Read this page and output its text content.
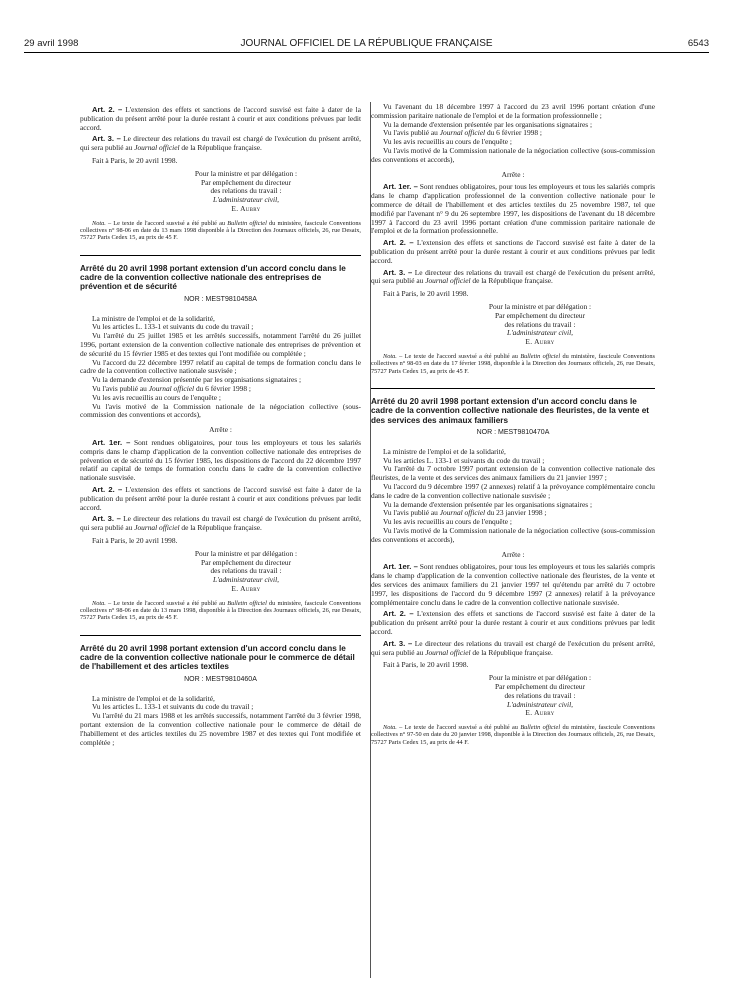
29 avril 1998	JOURNAL OFFICIEL DE LA RÉPUBLIQUE FRANÇAISE	6543

Art. 2. – L'extension des effets et sanctions de l'accord susvisé est faite à dater de la publication du présent arrêté pour la durée restant à courir et aux conditions prévues par ledit accord.

Art. 3. – Le directeur des relations du travail est chargé de l'exécution du présent arrêté, qui sera publié au Journal officiel de la République française.

Fait à Paris, le 20 avril 1998.

Pour la ministre et par délégation :

Par empêchement du directeur

des relations du travail :

L'administrateur civil,

E. Aubry

Nota. – Le texte de l'accord susvisé a été publié au Bulletin officiel du ministère, fascicule Conventions collectives n° 98-06 en date du 13 mars 1998 disponible à la Direction des Journaux officiels, 26, rue Desaix, 75727 Paris Cedex 15, au prix de 45 F.

Arrêté du 20 avril 1998 portant extension d'un accord conclu dans le cadre de la convention collective nationale des entreprises de prévention et de sécurité

NOR : MESТ9810458A

La ministre de l'emploi et de la solidarité,

Vu les articles L. 133-1 et suivants du code du travail ;

Vu l'arrêté du 25 juillet 1985 et les arrêtés successifs, notamment l'arrêté du 26 juillet 1996, portant extension de la convention collective nationale des entreprises de prévention et de sécurité du 15 février 1985 et des textes qui l'ont modifiée ou complétée ;

Vu l'accord du 22 décembre 1997 relatif au capital de temps de formation conclu dans le cadre de la convention collective nationale susvisée ;

Vu la demande d'extension présentée par les organisations signataires ;

Vu l'avis publié au Journal officiel du 6 février 1998 ;

Vu les avis recueillis au cours de l'enquête ;

Vu l'avis motivé de la Commission nationale de la négociation collective (sous-commission des conventions et accords),

Arrête :

Art. 1er. – Sont rendues obligatoires, pour tous les employeurs et tous les salariés compris dans le champ d'application de la convention collective nationale des entreprises de prévention et de sécurité du 15 février 1985, les dispositions de l'accord du 22 décembre 1997 relatif au capital de temps de formation conclu dans le cadre de la convention collective nationale susvisée.

Art. 2. – L'extension des effets et sanctions de l'accord susvisé est faite à dater de la publication du présent arrêté pour la durée restant à courir et aux conditions prévues par ledit accord.

Art. 3. – Le directeur des relations du travail est chargé de l'exécution du présent arrêté, qui sera publié au Journal officiel de la République française.

Fait à Paris, le 20 avril 1998.

Pour la ministre et par délégation :

Par empêchement du directeur

des relations du travail :

L'administrateur civil,

E. Aubry

Nota. – Le texte de l'accord susvisé a été publié au Bulletin officiel du ministère, fascicule Conventions collectives n° 98-06 en date du 13 mars 1998, disponible à la Direction des Journaux officiels, 26, rue Desaix, 75727 Paris Cedex 15, au prix de 45 F.

Arrêté du 20 avril 1998 portant extension d'un accord conclu dans le cadre de la convention collective nationale pour le commerce de détail de l'habillement et des articles textiles

NOR : MESТ9810460A

La ministre de l'emploi et de la solidarité,

Vu les articles L. 133-1 et suivants du code du travail ;

Vu l'arrêté du 21 mars 1988 et les arrêtés successifs, notamment l'arrêté du 3 février 1998, portant extension de la convention collective nationale pour le commerce de détail de l'habillement et des articles textiles du 25 novembre 1987 et des textes qui l'ont modifiée et complétée ;

Vu l'avenant du 18 décembre 1997 à l'accord du 23 avril 1996 portant création d'une commission paritaire nationale de l'emploi et de la formation professionnelle ;

Vu la demande d'extension présentée par les organisations signataires ;

Vu l'avis publié au Journal officiel du 6 février 1998 ;

Vu les avis recueillis au cours de l'enquête ;

Vu l'avis motivé de la Commission nationale de la négociation collective (sous-commission des conventions et accords),

Arrête :

Art. 1er. – Sont rendues obligatoires, pour tous les employeurs et tous les salariés compris dans le champ d'application professionnel de la convention collective nationale pour le commerce de détail de l'habillement et des articles textiles du 25 novembre 1987, tel que modifié par l'avenant n° 9 du 26 septembre 1997, les dispositions de l'avenant du 18 décembre 1997 à l'accord du 23 avril 1996 portant création d'une commission paritaire nationale de l'emploi et de la formation professionnelle.

Art. 2. – L'extension des effets et sanctions de l'accord susvisé est faite à dater de la publication du présent arrêté pour la durée restant à courir et aux conditions prévues par ledit accord.

Art. 3. – Le directeur des relations du travail est chargé de l'exécution du présent arrêté, qui sera publié au Journal officiel de la République française.

Fait à Paris, le 20 avril 1998.

Pour la ministre et par délégation :

Par empêchement du directeur

des relations du travail :

L'administrateur civil,

E. Aubry

Nota. – Le texte de l'accord susvisé a été publié au Bulletin officiel du ministère, fascicule Conventions collectives n° 98-03 en date du 17 février 1998, disponible à la Direction des Journaux officiels, 26, rue Desaix, 75727 Paris Cedex 15, au prix de 45 F.

Arrêté du 20 avril 1998 portant extension d'un accord conclu dans le cadre de la convention collective nationale des fleuristes, de la vente et des services des animaux familiers

NOR : MESТ9810470A

La ministre de l'emploi et de la solidarité,

Vu les articles L. 133-1 et suivants du code du travail ;

Vu l'arrêté du 7 octobre 1997 portant extension de la convention collective nationale des fleuristes, de la vente et des services des animaux familiers du 21 janvier 1997 ;

Vu l'accord du 9 décembre 1997 (2 annexes) relatif à la prévoyance complémentaire conclu dans le cadre de la convention collective nationale susvisée ;

Vu la demande d'extension présentée par les organisations signataires ;

Vu l'avis publié au Journal officiel du 23 janvier 1998 ;

Vu les avis recueillis au cours de l'enquête ;

Vu l'avis motivé de la Commission nationale de la négociation collective (sous-commission des conventions et accords),

Arrête :

Art. 1er. – Sont rendues obligatoires, pour tous les employeurs et tous les salariés compris dans le champ d'application de la convention collective nationale des fleuristes, de la vente et des services des animaux familiers du 21 janvier 1997 tel qu'étendu par arrêté du 7 octobre 1997, les dispositions de l'accord du 9 décembre 1997 (2 annexes) relatif à la prévoyance complémentaire conclu dans le cadre de la convention collective nationale susvisée.

Art. 2. – L'extension des effets et sanctions de l'accord susvisé est faite à dater de la publication du présent arrêté pour la durée restant à courir et aux conditions prévues par ledit accord.

Art. 3. – Le directeur des relations du travail est chargé de l'exécution du présent arrêté, qui sera publié au Journal officiel de la République française.

Fait à Paris, le 20 avril 1998.

Pour la ministre et par délégation :

Par empêchement du directeur

des relations du travail :

L'administrateur civil,

E. Aubry

Nota. – Le texte de l'accord susvisé a été publié au Bulletin officiel du ministère, fascicule Conventions collectives n° 97-50 en date du 20 janvier 1998, disponible à la Direction des Journaux officiels, 26, rue Desaix, 75727 Paris Cedex 15, au prix de 44 F.
